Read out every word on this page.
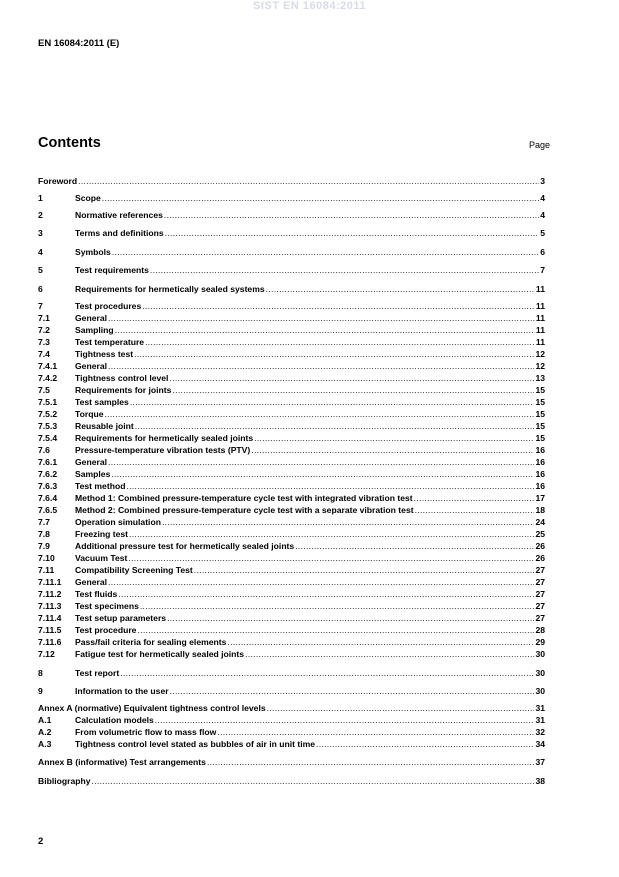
SIST EN 16084:2011
EN 16084:2011 (E)
Contents	Page
Foreword .....	3
1	Scope .....	4
2	Normative references .....	4
3	Terms and definitions .....	5
4	Symbols .....	6
5	Test requirements .....	7
6	Requirements for hermetically sealed systems .....	11
7	Test procedures .....	11
7.1	General .....	11
7.2	Sampling .....	11
7.3	Test temperature .....	11
7.4	Tightness test .....	12
7.4.1	General .....	12
7.4.2	Tightness control level .....	13
7.5	Requirements for joints .....	15
7.5.1	Test samples .....	15
7.5.2	Torque .....	15
7.5.3	Reusable joint .....	15
7.5.4	Requirements for hermetically sealed joints .....	15
7.6	Pressure-temperature vibration tests (PTV) .....	16
7.6.1	General .....	16
7.6.2	Samples .....	16
7.6.3	Test method .....	16
7.6.4	Method 1: Combined pressure-temperature cycle test with integrated vibration test .....	17
7.6.5	Method 2: Combined pressure-temperature cycle test with a separate vibration test .....	18
7.7	Operation simulation .....	24
7.8	Freezing test .....	25
7.9	Additional pressure test for hermetically sealed joints .....	26
7.10	Vacuum Test .....	26
7.11	Compatibility Screening Test .....	27
7.11.1	General .....	27
7.11.2	Test fluids .....	27
7.11.3	Test specimens .....	27
7.11.4	Test setup parameters .....	27
7.11.5	Test procedure .....	28
7.11.6	Pass/fail criteria for sealing elements .....	29
7.12	Fatigue test for hermetically sealed joints .....	30
8	Test report .....	30
9	Information to the user .....	30
Annex A (normative) Equivalent tightness control levels .....	31
A.1	Calculation models .....	31
A.2	From volumetric flow to mass flow .....	32
A.3	Tightness control level stated as bubbles of air in unit time .....	34
Annex B (informative) Test arrangements .....	37
Bibliography .....	38
2
